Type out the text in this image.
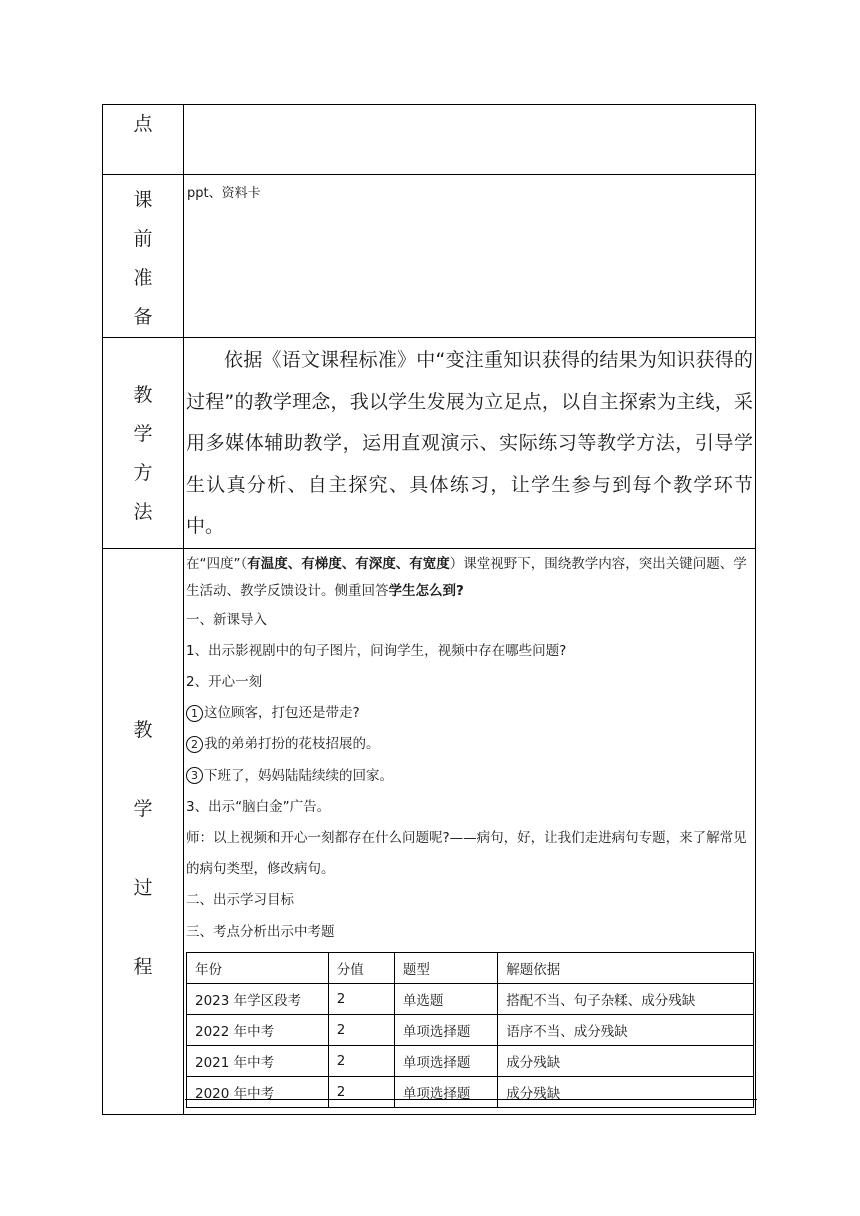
点

课
前
准
备

ppt、资料卡

教
学
方
法

依据《语文课程标准》中“变注重知识获得的结果为知识获得的过程”的教学理念，我以学生发展为立足点，以自主探索为主线，采用多媒体辅助教学，运用直观演示、实际练习等教学方法，引导学生认真分析、自主探究、具体练习，让学生参与到每个教学环节中。

教
学
过
程

在“四度”（有温度、有梯度、有深度、有宽度）课堂视野下，围绕教学内容，突出关键问题、学生活动、教学反馈设计。侧重回答学生怎么到?

一、新课导入

1、出示影视剧中的句子图片，问询学生，视频中存在哪些问题?

2、开心一刻

1 这位顾客，打包还是带走?

2 我的弟弟打扮的花枝招展的。

3 下班了，妈妈陆陆续续的回家。

3、出示“脑白金”广告。

师：以上视频和开心一刻都存在什么问题呢?——病句，好，让我们走进病句专题，来了解常见的病句类型，修改病句。

二、出示学习目标

三、考点分析出示中考题

年份	分值	题型	解题依据
2023 年学区段考	2	单选题	搭配不当、句子杂糅、成分残缺
2022 年中考	2	单项选择题	语序不当、成分残缺
2021 年中考	2	单项选择题	成分残缺
2020 年中考	2	单项选择题	成分残缺
